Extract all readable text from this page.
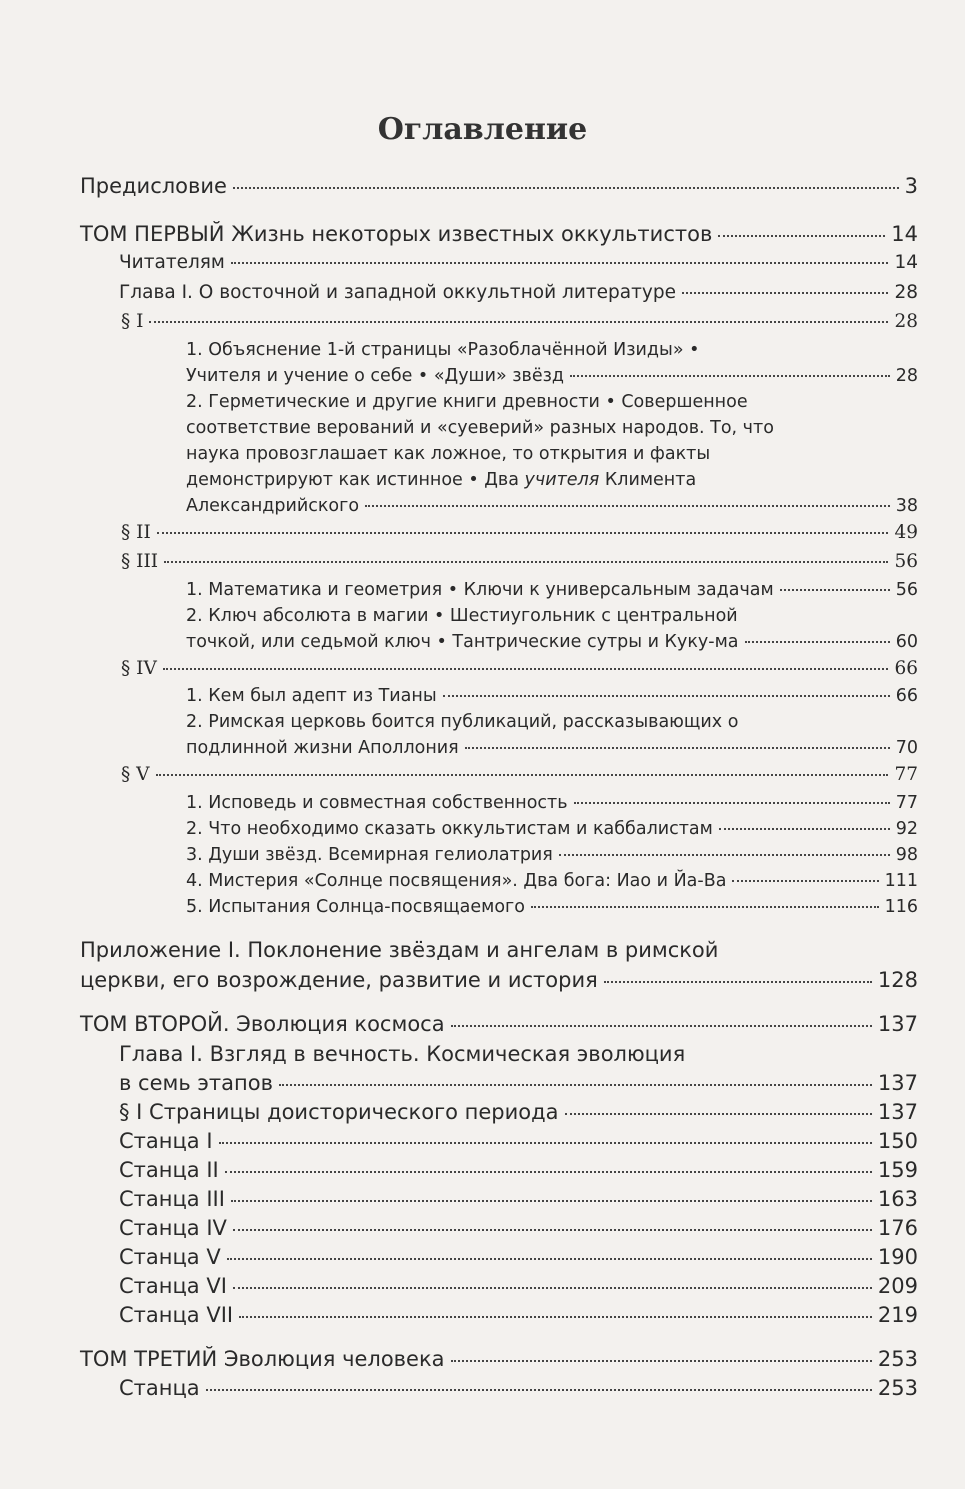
Оглавление
Предисловие	3
ТОМ ПЕРВЫЙ Жизнь некоторых известных оккультистов	14
Читателям	14
Глава I. О восточной и западной оккультной литературе	28
§ I	28
1. Объяснение 1-й страницы «Разоблачённой Изиды» •
Учителя и учение о себе • «Души» звёзд	28
2. Герметические и другие книги древности • Совершенное
соответствие верований и «суеверий» разных народов. То, что
наука провозглашает как ложное, то открытия и факты
демонстрируют как истинное • Два учителя Климента
Александрийского	38
§ II	49
§ III	56
1. Математика и геометрия • Ключи к универсальным задачам	56
2. Ключ абсолюта в магии • Шестиугольник с центральной
точкой, или седьмой ключ • Тантрические сутры и Куку-ма	60
§ IV	66
1. Кем был адепт из Тианы	66
2. Римская церковь боится публикаций, рассказывающих о
подлинной жизни Аполлония	70
§ V	77
1. Исповедь и совместная собственность	77
2. Что необходимо сказать оккультистам и каббалистам	92
3. Души звёзд. Всемирная гелиолатрия	98
4. Мистерия «Солнце посвящения». Два бога: Иао и Йа-Ва	111
5. Испытания Солнца-посвящаемого	116
Приложение I. Поклонение звёздам и ангелам в римской
церкви, его возрождение, развитие и история	128
ТОМ ВТОРОЙ. Эволюция космоса	137
Глава I. Взгляд в вечность. Космическая эволюция
в семь этапов	137
§ I Страницы доисторического периода	137
Станца I	150
Станца II	159
Станца III	163
Станца IV	176
Станца V	190
Станца VI	209
Станца VII	219
ТОМ ТРЕТИЙ Эволюция человека	253
Станца	253
